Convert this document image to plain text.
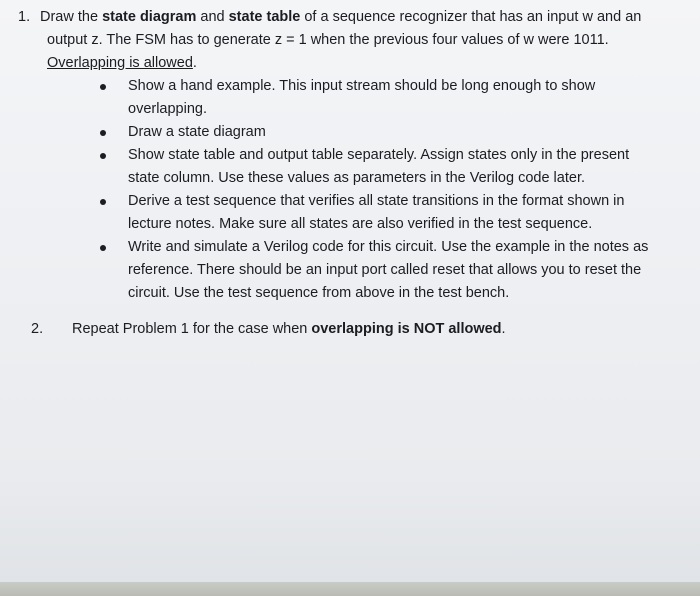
1. Draw the state diagram and state table of a sequence recognizer that has an input w and an output z. The FSM has to generate z = 1 when the previous four values of w were 1011. Overlapping is allowed.
Show a hand example. This input stream should be long enough to show overlapping.
Draw a state diagram
Show state table and output table separately. Assign states only in the present state column. Use these values as parameters in the Verilog code later.
Derive a test sequence that verifies all state transitions in the format shown in lecture notes. Make sure all states are also verified in the test sequence.
Write and simulate a Verilog code for this circuit. Use the example in the notes as reference. There should be an input port called reset that allows you to reset the circuit. Use the test sequence from above in the test bench.
2.	Repeat Problem 1 for the case when overlapping is NOT allowed.
